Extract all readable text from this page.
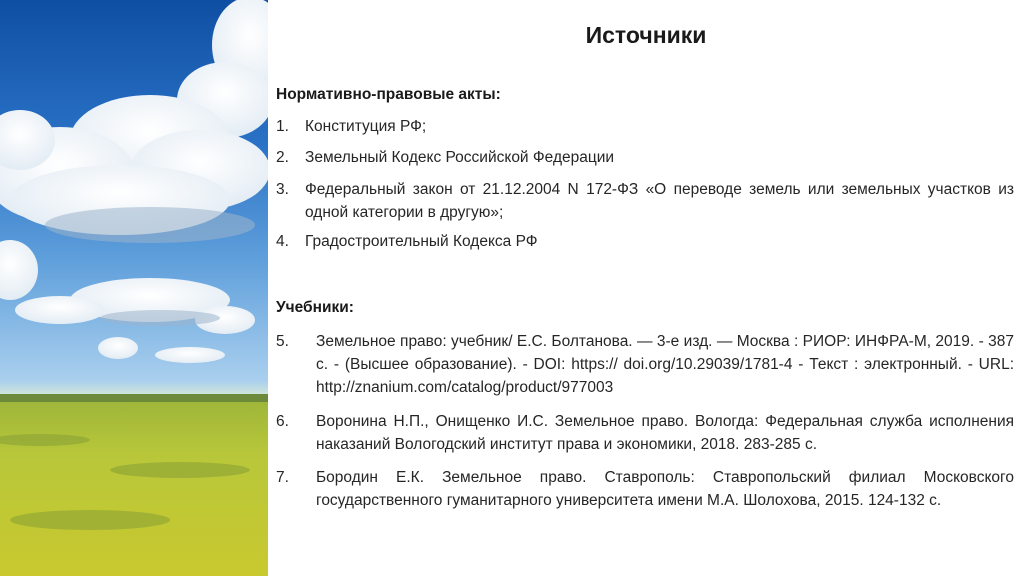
Источники
Нормативно-правовые акты:
1.	Конституция РФ;
2.	Земельный Кодекс Российской Федерации
3.	Федеральный закон от 21.12.2004 N 172-ФЗ «О переводе земель или земельных участков из одной категории в другую»;
4.	Градостроительный Кодекса РФ
Учебники:
5.	Земельное право: учебник/ Е.С. Болтанова. — 3-е изд. — Москва : РИОР: ИНФРА-М, 2019. - 387 с. - (Высшее образование). - DOI: https:// doi.org/10.29039/1781-4 - Текст : электронный. - URL: http://znanium.com/catalog/product/977003
6.	Воронина Н.П., Онищенко И.С. Земельное право. Вологда: Федеральная служба исполнения наказаний Вологодский институт права и экономики, 2018. 283-285 с.
7.	Бородин Е.К. Земельное право. Ставрополь: Ставропольский филиал Московского государственного гуманитарного университета имени М.А. Шолохова, 2015. 124-132 с.
